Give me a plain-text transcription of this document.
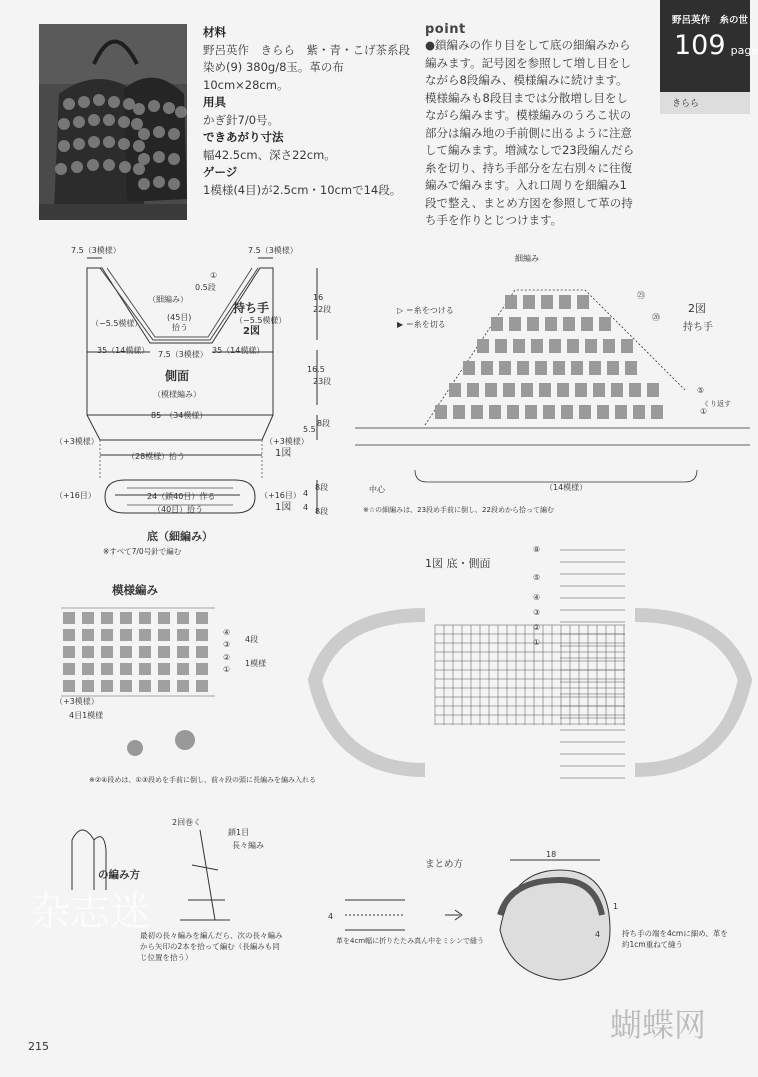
材料
野呂英作　きらら　紫・青・こげ茶系段染め(9) 380g/8玉。革の布10cm×28cm。
用具
かぎ針7/0号。
できあがり寸法
幅42.5cm、深さ22cm。
ゲージ
1模様(4目)が2.5cm・10cmで14段。
point
●鎖編みの作り目をして底の細編みから編みます。記号図を参照して増し目をしながら8段編み、模様編みに続けます。模様編みも8段目までは分散増し目をしながら編みます。模様編みのうろこ状の部分は編み地の手前側に出るように注意して編みます。増減なしで23段編んだら糸を切り、持ち手部分を左右別々に往復編みで編みます。入れ口周りを細編み1段で整え、まとめ方図を参照して革の持ち手を作りとじつけます。
野呂英作　糸の世
109 page
きらら
7.5（3模様）	7.5（3模様）
①
0.5段
（細編み）
(45目)
拾う
（−5.5模様）	（−5.5模様）
持ち手
2図
35（14模様） 7.5（3模様） 35（14模様）
16
22段
16.5
23段
側面
（模様編み）
85　（34模様）
5.5
8段
（+3模様）	（+3模様）
1図
（28模様）拾う
（+16目）	（+16目）
24（鎖40目）作る
（40目）拾う
4
8段
4 8段
1図
底（細編み）
※すべて7/0号針で編む
2図
持ち手
細編み
▷ ＝糸をつける
▶ ＝糸を切る
㉓
⑳
⑤
①
くり返す
中心	（14模様）
※☆の細編みは、23段め手前に倒し、22段めから拾って編む
模様編み
④
③
②
①
4段
1模様
（+3模様）
4目1模様
※②④段めは、①③段めを手前に倒し、前々段の頭に長編みを編み入れる
1図 底・側面
⑧
⑤
④
③
②
①
の編み方
2回巻く
鎖1目
長々編み
最初の長々編みを編んだら、次の長々編みから矢印の2本を拾って編む（長編みも同じ位置を拾う）
まとめ方
18
4
革を4cm幅に折りたたみ真ん中をミシンで縫う
1
4	持ち手の端を4cmに細め、革を約1cm重ねて縫う
杂志迷
蝴蝶网
215
